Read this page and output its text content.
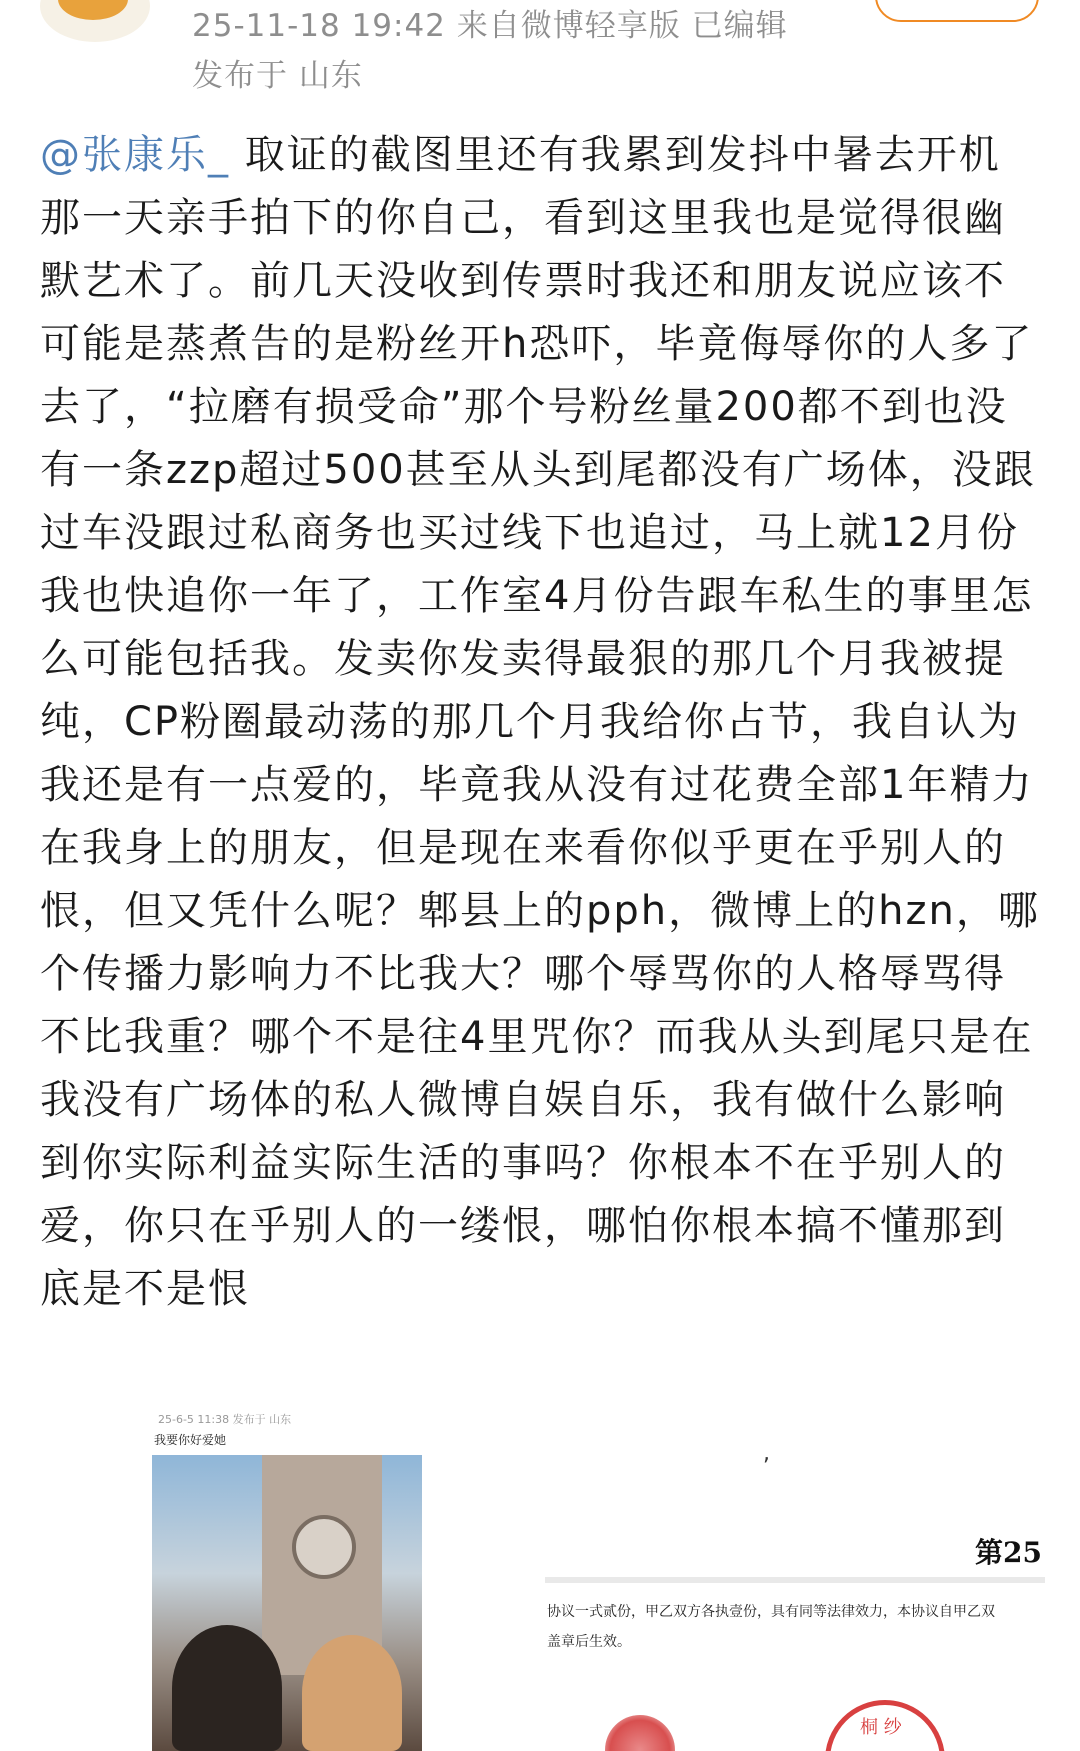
25-11-18 19:42 来自微博轻享版 已编辑
发布于 山东
@张康乐_ 取证的截图里还有我累到发抖中暑去开机那一天亲手拍下的你自己，看到这里我也是觉得很幽默艺术了。前几天没收到传票时我还和朋友说应该不可能是蒸煮告的是粉丝开h恐吓，毕竟侮辱你的人多了去了，“拉磨有损受命”那个号粉丝量200都不到也没有一条zzp超过500甚至从头到尾都没有广场体，没跟过车没跟过私商务也买过线下也追过，马上就12月份我也快追你一年了，工作室4月份告跟车私生的事里怎么可能包括我。发卖你发卖得最狠的那几个月我被提纯，CP粉圈最动荡的那几个月我给你占节，我自认为我还是有一点爱的，毕竟我从没有过花费全部1年精力在我身上的朋友，但是现在来看你似乎更在乎别人的恨，但又凭什么呢？郫县上的pph，微博上的hzn，哪个传播力影响力不比我大？哪个辱骂你的人格辱骂得不比我重？哪个不是往4里咒你？而我从头到尾只是在我没有广场体的私人微博自娱自乐，我有做什么影响到你实际利益实际生活的事吗？你根本不在乎别人的爱，你只在乎别人的一缕恨，哪怕你根本搞不懂那到底是不是恨
25-6-5 11:38 发布于 山东
我要你好爱她
,
第25
协议一式贰份，甲乙双方各执壹份，具有同等法律效力，本协议自甲乙双
盖章后生效。
桐 纱
